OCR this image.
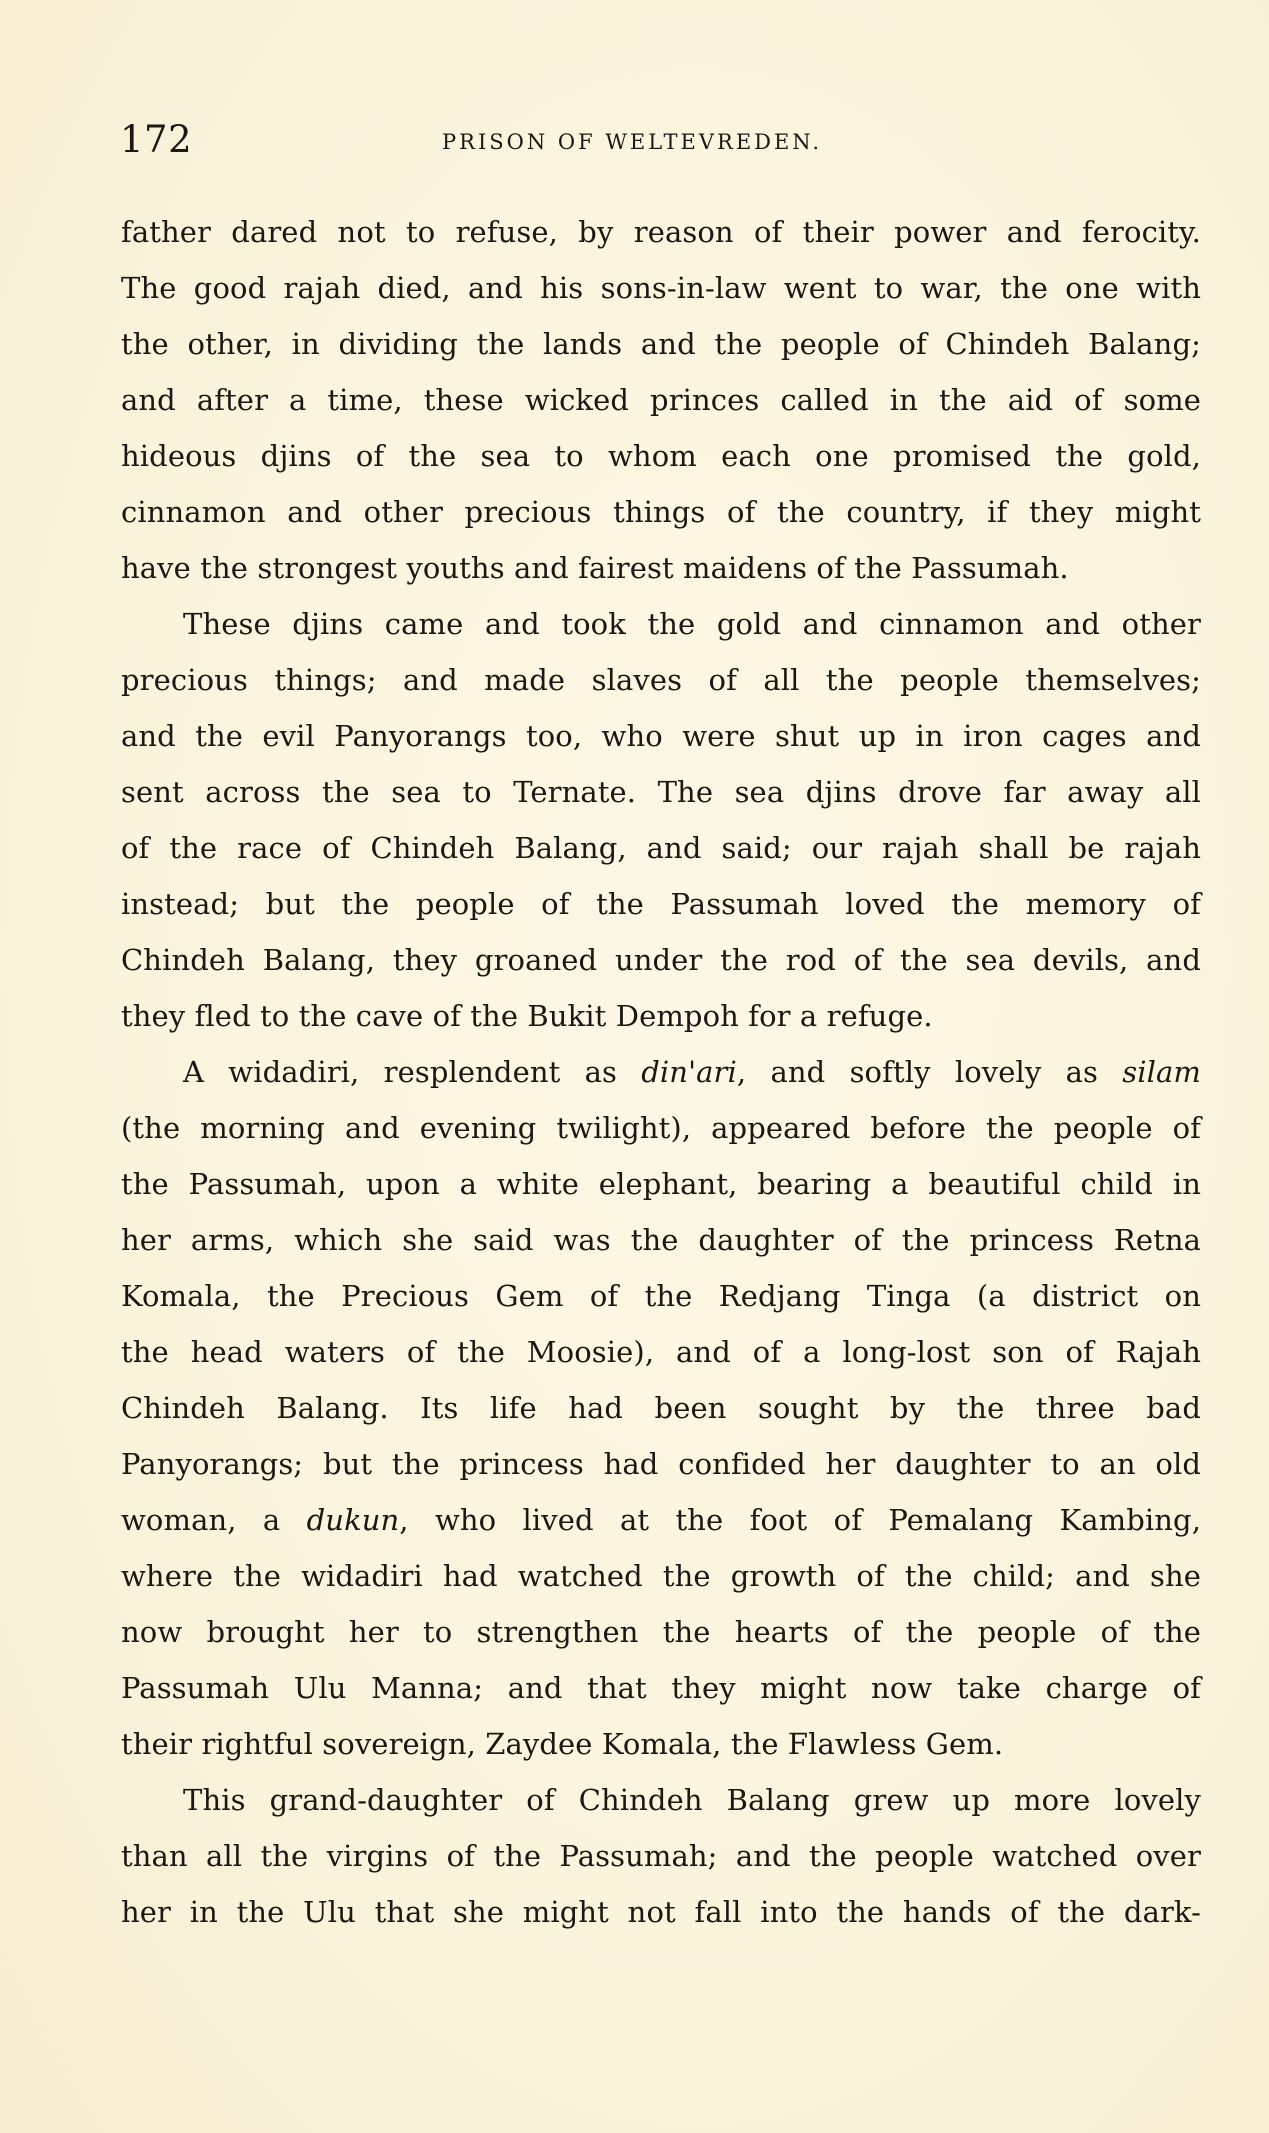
172	PRISON OF WELTEVREDEN.
father dared not to refuse, by reason of their power and ferocity.
The good rajah died, and his sons-in-law went to war, the one with
the other, in dividing the lands and the people of Chindeh Balang;
and after a time, these wicked princes called in the aid of some
hideous djins of the sea to whom each one promised the gold,
cinnamon and other precious things of the country, if they might
have the strongest youths and fairest maidens of the Passumah.
These djins came and took the gold and cinnamon and other
precious things; and made slaves of all the people themselves;
and the evil Panyorangs too, who were shut up in iron cages and
sent across the sea to Ternate. The sea djins drove far away all
of the race of Chindeh Balang, and said; our rajah shall be rajah
instead; but the people of the Passumah loved the memory of
Chindeh Balang, they groaned under the rod of the sea devils, and
they fled to the cave of the Bukit Dempoh for a refuge.
A widadiri, resplendent as din'ari, and softly lovely as silam
(the morning and evening twilight), appeared before the people of
the Passumah, upon a white elephant, bearing a beautiful child in
her arms, which she said was the daughter of the princess Retna
Komala, the Precious Gem of the Redjang Tinga (a district on
the head waters of the Moosie), and of a long-lost son of Rajah
Chindeh Balang. Its life had been sought by the three bad
Panyorangs; but the princess had confided her daughter to an old
woman, a dukun, who lived at the foot of Pemalang Kambing,
where the widadiri had watched the growth of the child; and she
now brought her to strengthen the hearts of the people of the
Passumah Ulu Manna; and that they might now take charge of
their rightful sovereign, Zaydee Komala, the Flawless Gem.
This grand-daughter of Chindeh Balang grew up more lovely
than all the virgins of the Passumah; and the people watched over
her in the Ulu that she might not fall into the hands of the dark-
